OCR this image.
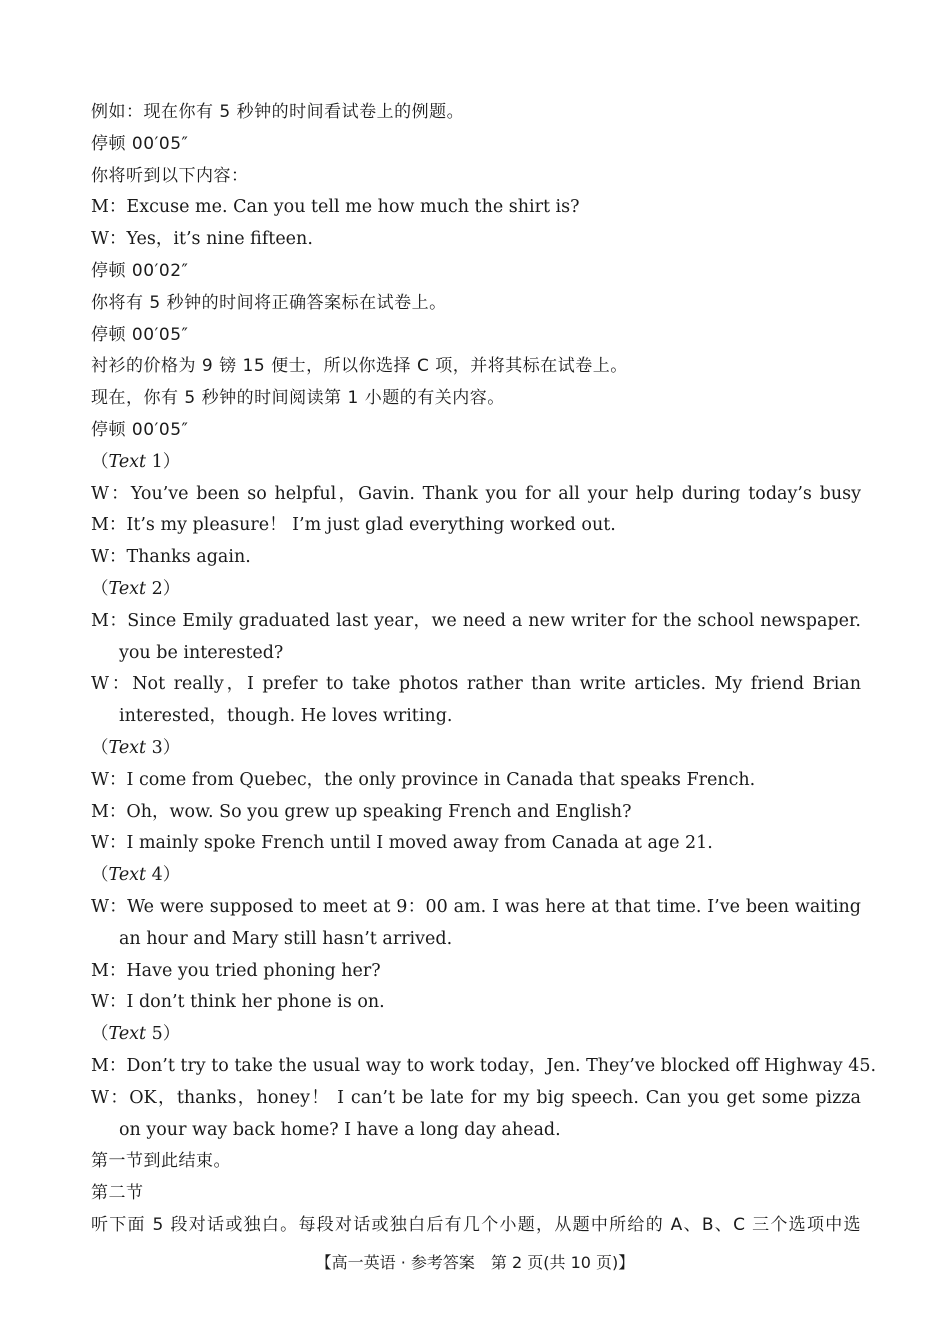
例如：现在你有 5 秒钟的时间看试卷上的例题。
停顿 00′05″
你将听到以下内容：
M：Excuse me. Can you tell me how much the shirt is?
W：Yes，it’s nine fifteen.
停顿 00′02″
你将有 5 秒钟的时间将正确答案标在试卷上。
停顿 00′05″
衬衫的价格为 9 镑 15 便士，所以你选择 C 项，并将其标在试卷上。
现在，你有 5 秒钟的时间阅读第 1 小题的有关内容。
停顿 00′05″
（Text 1）
W：You’ve been so helpful，Gavin. Thank you for all your help during today’s busy
M：It’s my pleasure！ I’m just glad everything worked out.
W：Thanks again.
（Text 2）
M：Since Emily graduated last year，we need a new writer for the school newspaper.
you be interested?
W：Not really，I prefer to take photos rather than write articles. My friend Brian
interested，though. He loves writing.
（Text 3）
W：I come from Quebec，the only province in Canada that speaks French.
M：Oh，wow. So you grew up speaking French and English?
W：I mainly spoke French until I moved away from Canada at age 21.
（Text 4）
W：We were supposed to meet at 9：00 am. I was here at that time. I’ve been waiting
an hour and Mary still hasn’t arrived.
M：Have you tried phoning her?
W：I don’t think her phone is on.
（Text 5）
M：Don’t try to take the usual way to work today，Jen. They’ve blocked off Highway 45.
W：OK，thanks，honey！ I can’t be late for my big speech. Can you get some pizza
on your way back home? I have a long day ahead.
第一节到此结束。
第二节
听下面 5 段对话或独白。每段对话或独白后有几个小题，从题中所给的 A、B、C 三个选项中选
【高一英语 · 参考答案　第 2 页(共 10 页)】
